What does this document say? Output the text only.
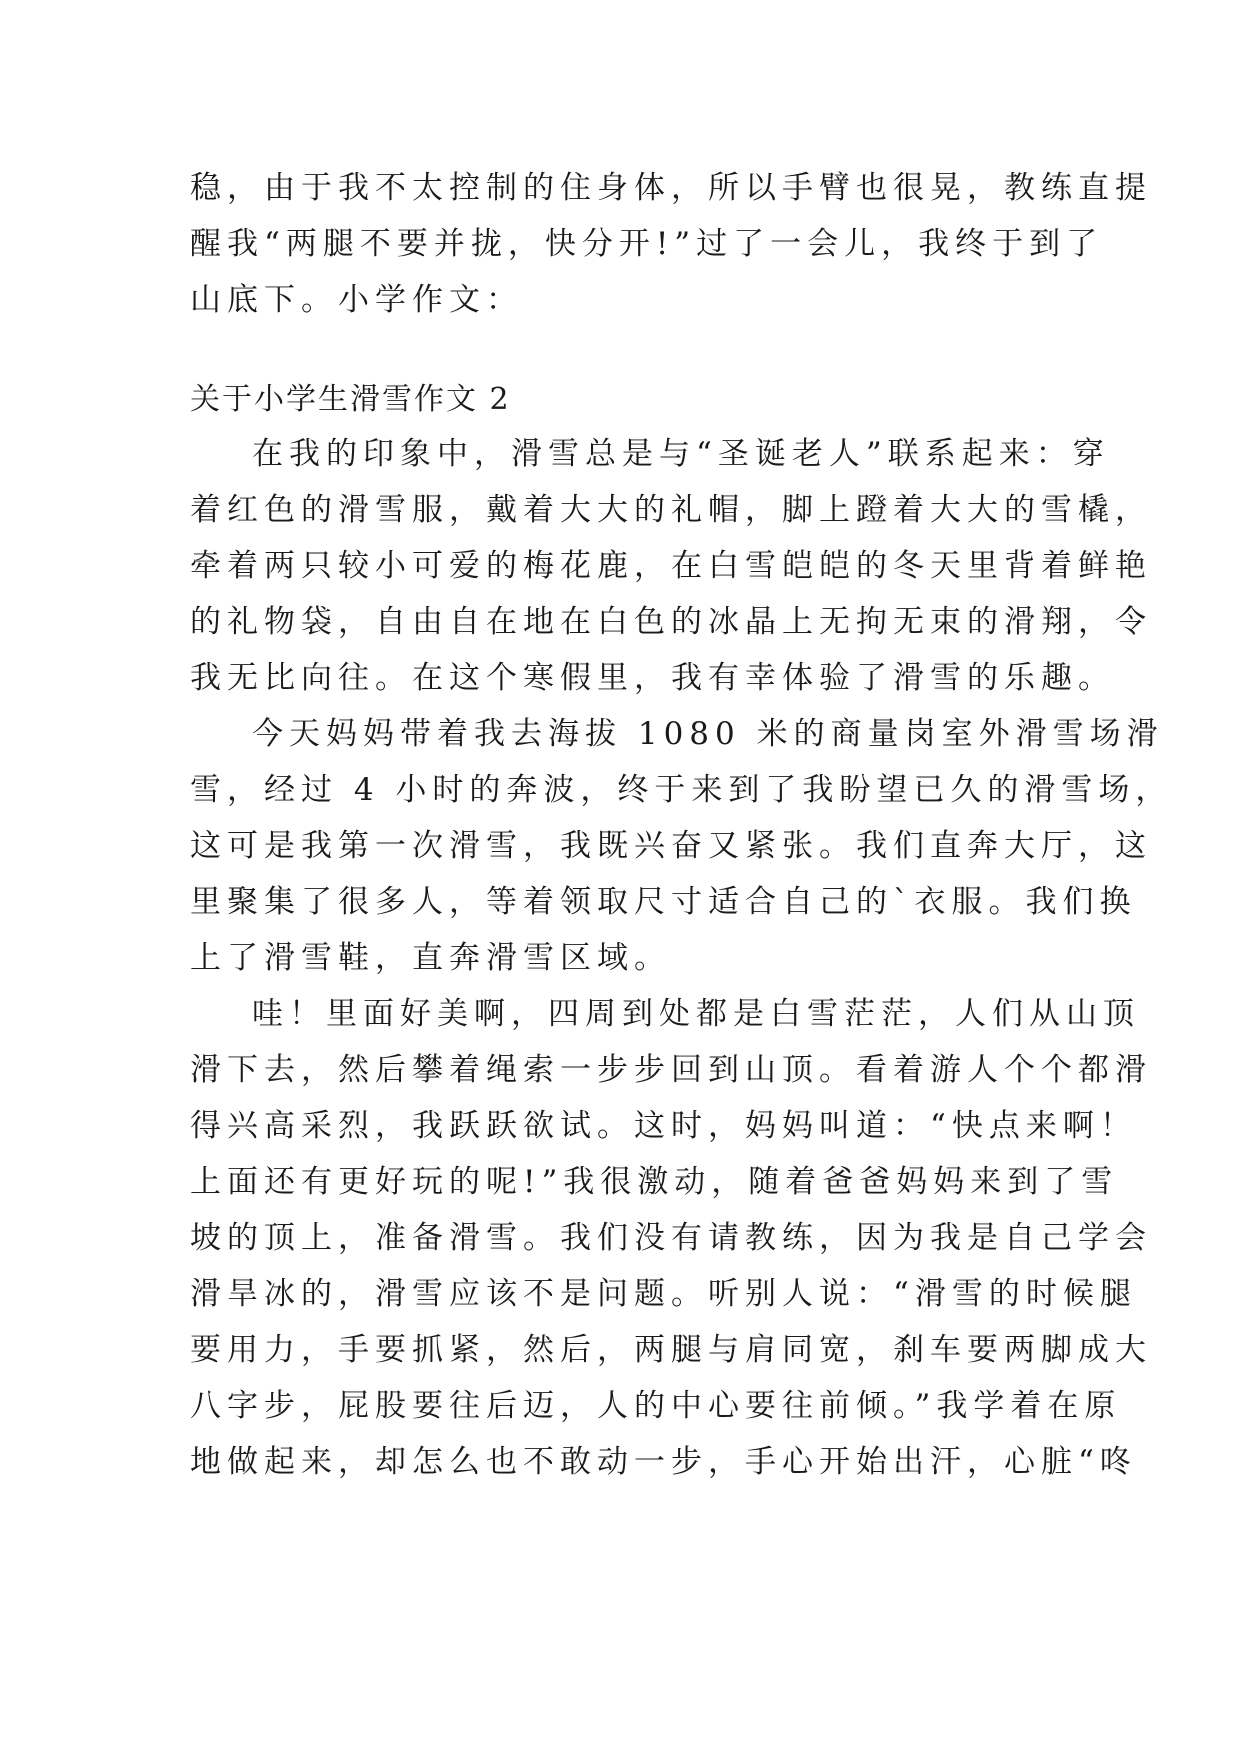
稳，由于我不太控制的住身体，所以手臂也很晃，教练直提

醒我“两腿不要并拢，快分开!”过了一会儿，我终于到了

山底下。小学作文：

关于小学生滑雪作文 2

在我的印象中，滑雪总是与“圣诞老人”联系起来：穿

着红色的滑雪服，戴着大大的礼帽，脚上蹬着大大的雪橇，

牵着两只较小可爱的梅花鹿，在白雪皑皑的冬天里背着鲜艳

的礼物袋，自由自在地在白色的冰晶上无拘无束的滑翔，令

我无比向往。在这个寒假里，我有幸体验了滑雪的乐趣。

今天妈妈带着我去海拔 1080 米的商量岗室外滑雪场滑

雪，经过 4 小时的奔波，终于来到了我盼望已久的滑雪场，

这可是我第一次滑雪，我既兴奋又紧张。我们直奔大厅，这

里聚集了很多人，等着领取尺寸适合自己的`衣服。我们换

上了滑雪鞋，直奔滑雪区域。

哇！里面好美啊，四周到处都是白雪茫茫，人们从山顶

滑下去，然后攀着绳索一步步回到山顶。看着游人个个都滑

得兴高采烈，我跃跃欲试。这时，妈妈叫道：“快点来啊！

上面还有更好玩的呢!”我很激动，随着爸爸妈妈来到了雪

坡的顶上，准备滑雪。我们没有请教练，因为我是自己学会

滑旱冰的，滑雪应该不是问题。听别人说：“滑雪的时候腿

要用力，手要抓紧，然后，两腿与肩同宽，刹车要两脚成大

八字步，屁股要往后迈，人的中心要往前倾。”我学着在原

地做起来，却怎么也不敢动一步，手心开始出汗，心脏“咚
